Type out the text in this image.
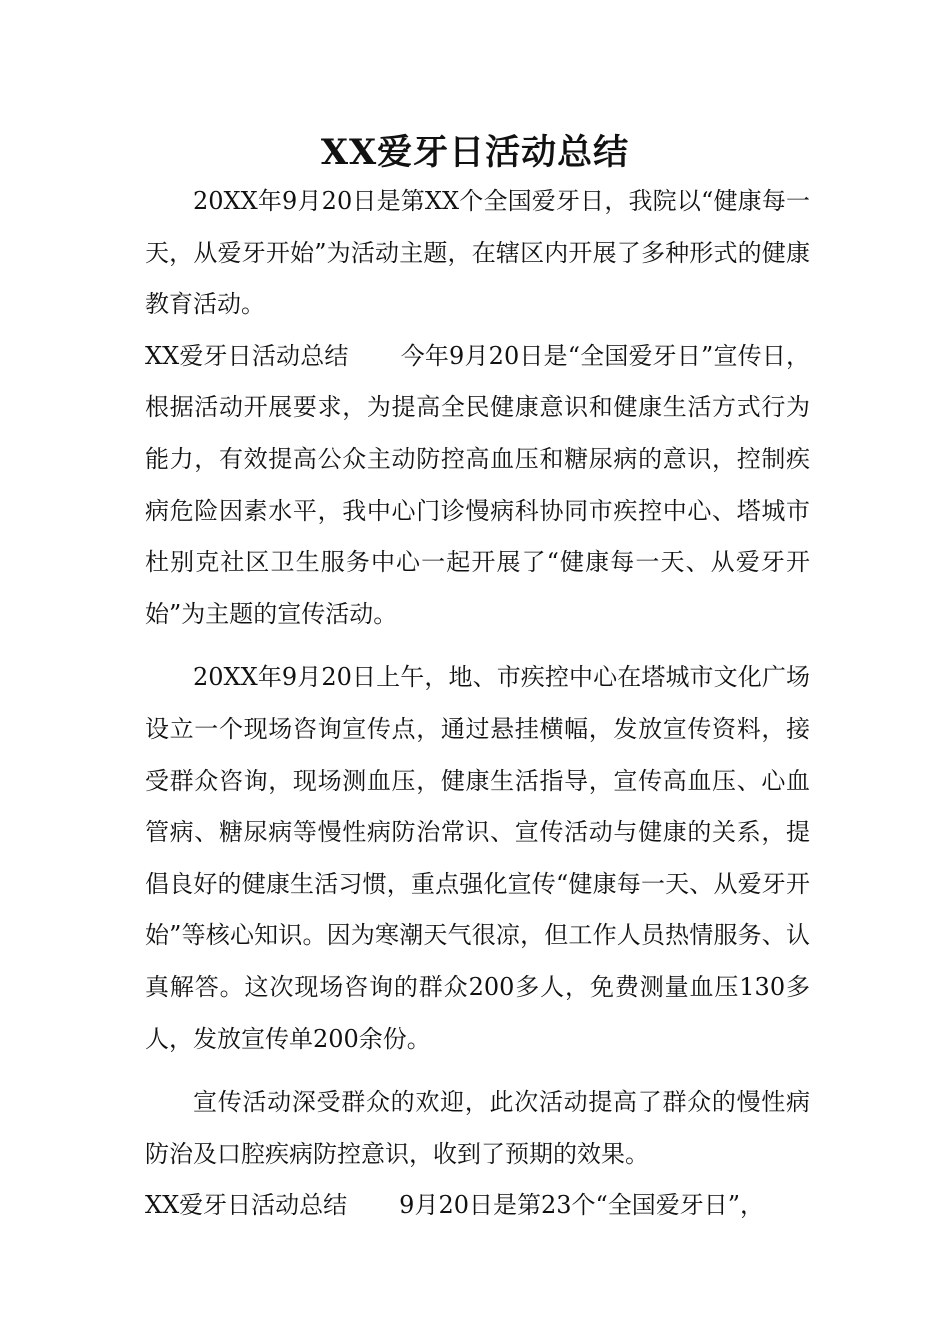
XX爱牙日活动总结

20XX年9月20日是第XX个全国爱牙日，我院以“健康每一天，从爱牙开始”为活动主题，在辖区内开展了多种形式的健康教育活动。

XX爱牙日活动总结 今年9月20日是“全国爱牙日”宣传日，根据活动开展要求，为提高全民健康意识和健康生活方式行为能力，有效提高公众主动防控高血压和糖尿病的意识，控制疾病危险因素水平，我中心门诊慢病科协同市疾控中心、塔城市杜别克社区卫生服务中心一起开展了“健康每一天、从爱牙开始”为主题的宣传活动。

20XX年9月20日上午，地、市疾控中心在塔城市文化广场设立一个现场咨询宣传点，通过悬挂横幅，发放宣传资料，接受群众咨询，现场测血压，健康生活指导，宣传高血压、心血管病、糖尿病等慢性病防治常识、宣传活动与健康的关系，提倡良好的健康生活习惯，重点强化宣传“健康每一天、从爱牙开始”等核心知识。因为寒潮天气很凉，但工作人员热情服务、认真解答。这次现场咨询的群众200多人，免费测量血压130多人，发放宣传单200余份。

宣传活动深受群众的欢迎，此次活动提高了群众的慢性病防治及口腔疾病防控意识，收到了预期的效果。

XX爱牙日活动总结 9月20日是第23个“全国爱牙日”，
